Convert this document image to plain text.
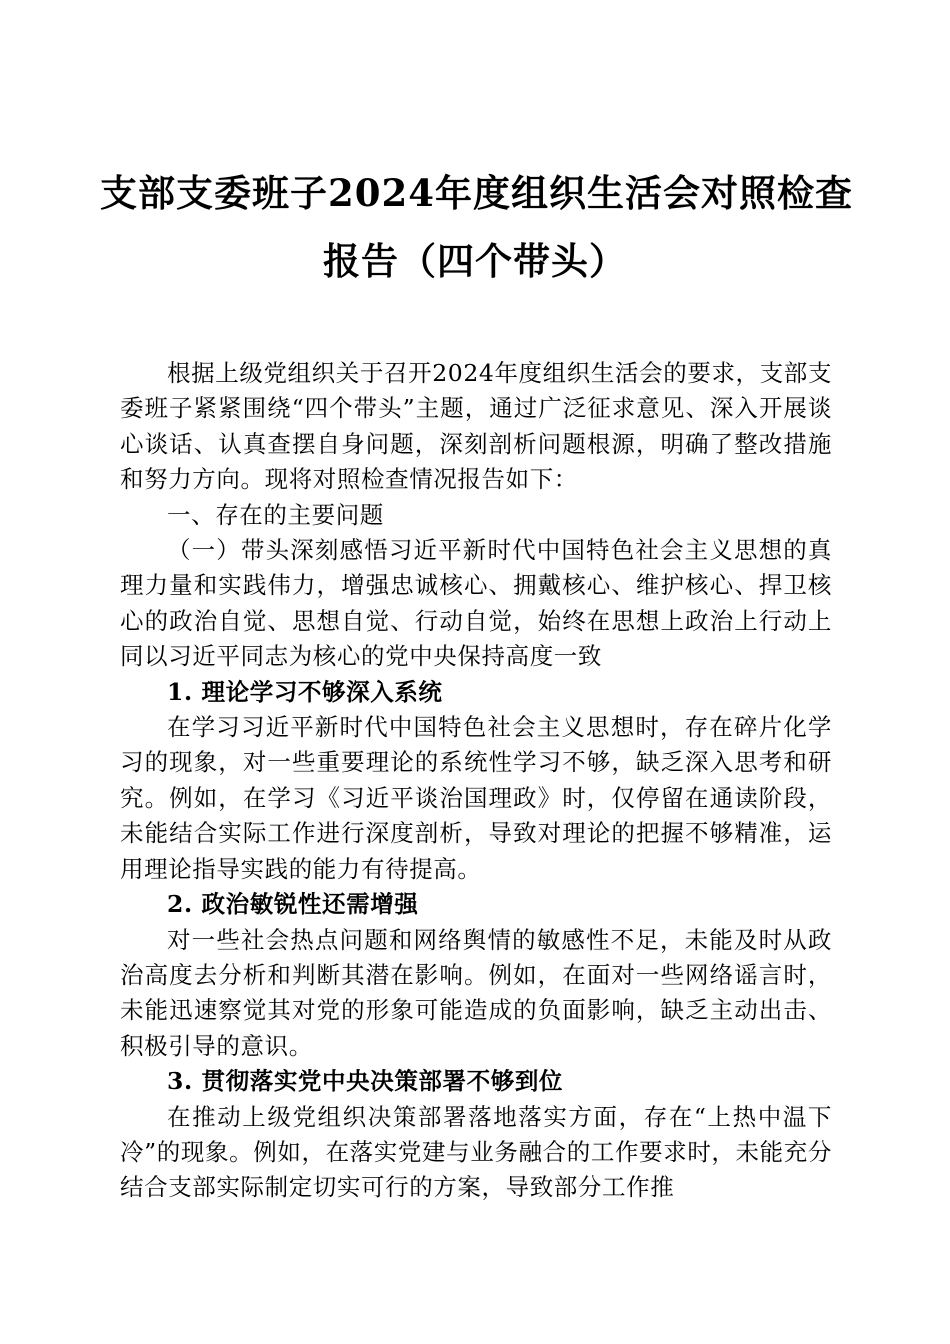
支部支委班子2024年度组织生活会对照检查
报告（四个带头）

根据上级党组织关于召开2024年度组织生活会的要求，支部支委班子紧紧围绕“四个带头”主题，通过广泛征求意见、深入开展谈心谈话、认真查摆自身问题，深刻剖析问题根源，明确了整改措施和努力方向。现将对照检查情况报告如下：

一、存在的主要问题

（一）带头深刻感悟习近平新时代中国特色社会主义思想的真理力量和实践伟力，增强忠诚核心、拥戴核心、维护核心、捍卫核心的政治自觉、思想自觉、行动自觉，始终在思想上政治上行动上同以习近平同志为核心的党中央保持高度一致

1. 理论学习不够深入系统

在学习习近平新时代中国特色社会主义思想时，存在碎片化学习的现象，对一些重要理论的系统性学习不够，缺乏深入思考和研究。例如，在学习《习近平谈治国理政》时，仅停留在通读阶段，未能结合实际工作进行深度剖析，导致对理论的把握不够精准，运用理论指导实践的能力有待提高。

2. 政治敏锐性还需增强

对一些社会热点问题和网络舆情的敏感性不足，未能及时从政治高度去分析和判断其潜在影响。例如，在面对一些网络谣言时，未能迅速察觉其对党的形象可能造成的负面影响，缺乏主动出击、积极引导的意识。

3. 贯彻落实党中央决策部署不够到位

在推动上级党组织决策部署落地落实方面，存在“上热中温下冷”的现象。例如，在落实党建与业务融合的工作要求时，未能充分结合支部实际制定切实可行的方案，导致部分工作推
